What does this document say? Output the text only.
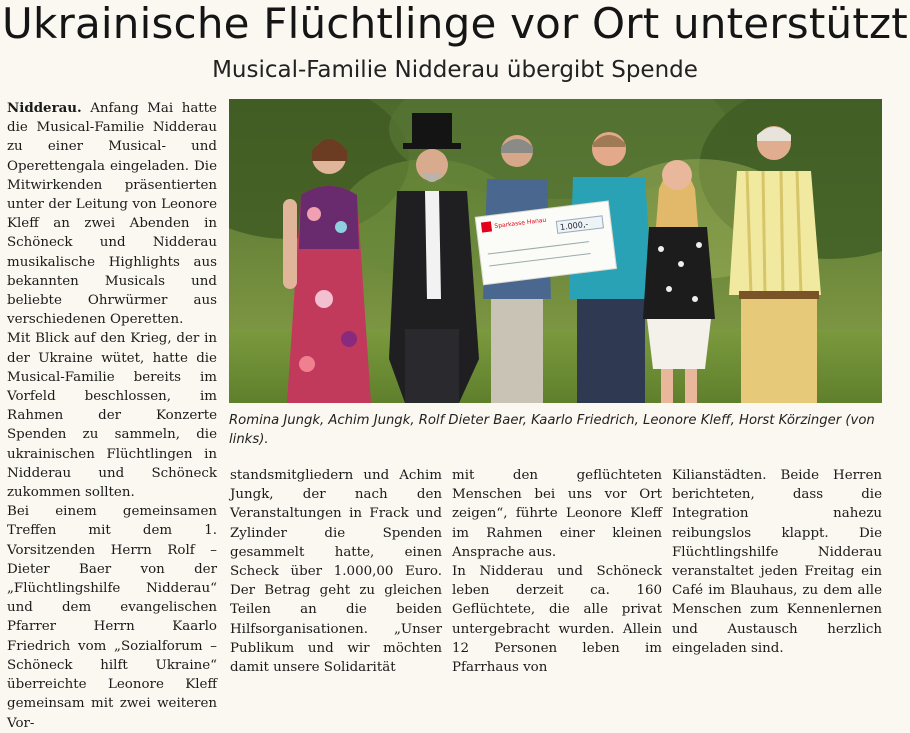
Ukrainische Flüchtlinge vor Ort unterstützt
Musical-Familie Nidderau übergibt Spende

Nidderau. Anfang Mai hatte die Musical-Familie Nidderau zu einer Musical- und Operettengala eingeladen. Die Mitwirkenden präsentierten unter der Leitung von Leonore Kleff an zwei Abenden in Schöneck und Nidderau musikalische Highlights aus bekannten Musicals und beliebte Ohrwürmer aus verschiedenen Operetten.

Mit Blick auf den Krieg, der in der Ukraine wütet, hatte die Musical-Familie bereits im Vorfeld beschlossen, im Rahmen der Konzerte Spenden zu sammeln, die ukrainischen Flüchtlingen in Nidderau und Schöneck zukommen sollten.

Bei einem gemeinsamen Treffen mit dem 1. Vorsitzenden Herrn Rolf – Dieter Baer von der „Flüchtlingshilfe Nidderau“ und dem evangelischen Pfarrer Herrn Kaarlo Friedrich vom „Sozialforum – Schöneck hilft Ukraine“ überreichte Leonore Kleff gemeinsam mit zwei weiteren Vor-

Sparkasse Hanau 1.000,-
Romina Jungk, Achim Jungk, Rolf Dieter Baer, Kaarlo Friedrich, Leonore Kleff, Horst Körzinger (von links).

standsmitgliedern und Achim Jungk, der nach den Veranstaltungen in Frack und Zylinder die Spenden gesammelt hatte, einen Scheck über 1.000,00 Euro. Der Betrag geht zu gleichen Teilen an die beiden Hilfsorganisationen. „Unser Publikum und wir möchten damit unsere Solidarität

mit den geflüchteten Menschen bei uns vor Ort zeigen“, führte Leonore Kleff im Rahmen einer kleinen Ansprache aus.

In Nidderau und Schöneck leben derzeit ca. 160 Geflüchtete, die alle privat untergebracht wurden. Allein 12 Personen leben im Pfarrhaus von

Kilianstädten. Beide Herren berichteten, dass die Integration nahezu reibungslos klappt. Die Flüchtlingshilfe Nidderau veranstaltet jeden Freitag ein Café im Blauhaus, zu dem alle Menschen zum Kennenlernen und Austausch herzlich eingeladen sind.
